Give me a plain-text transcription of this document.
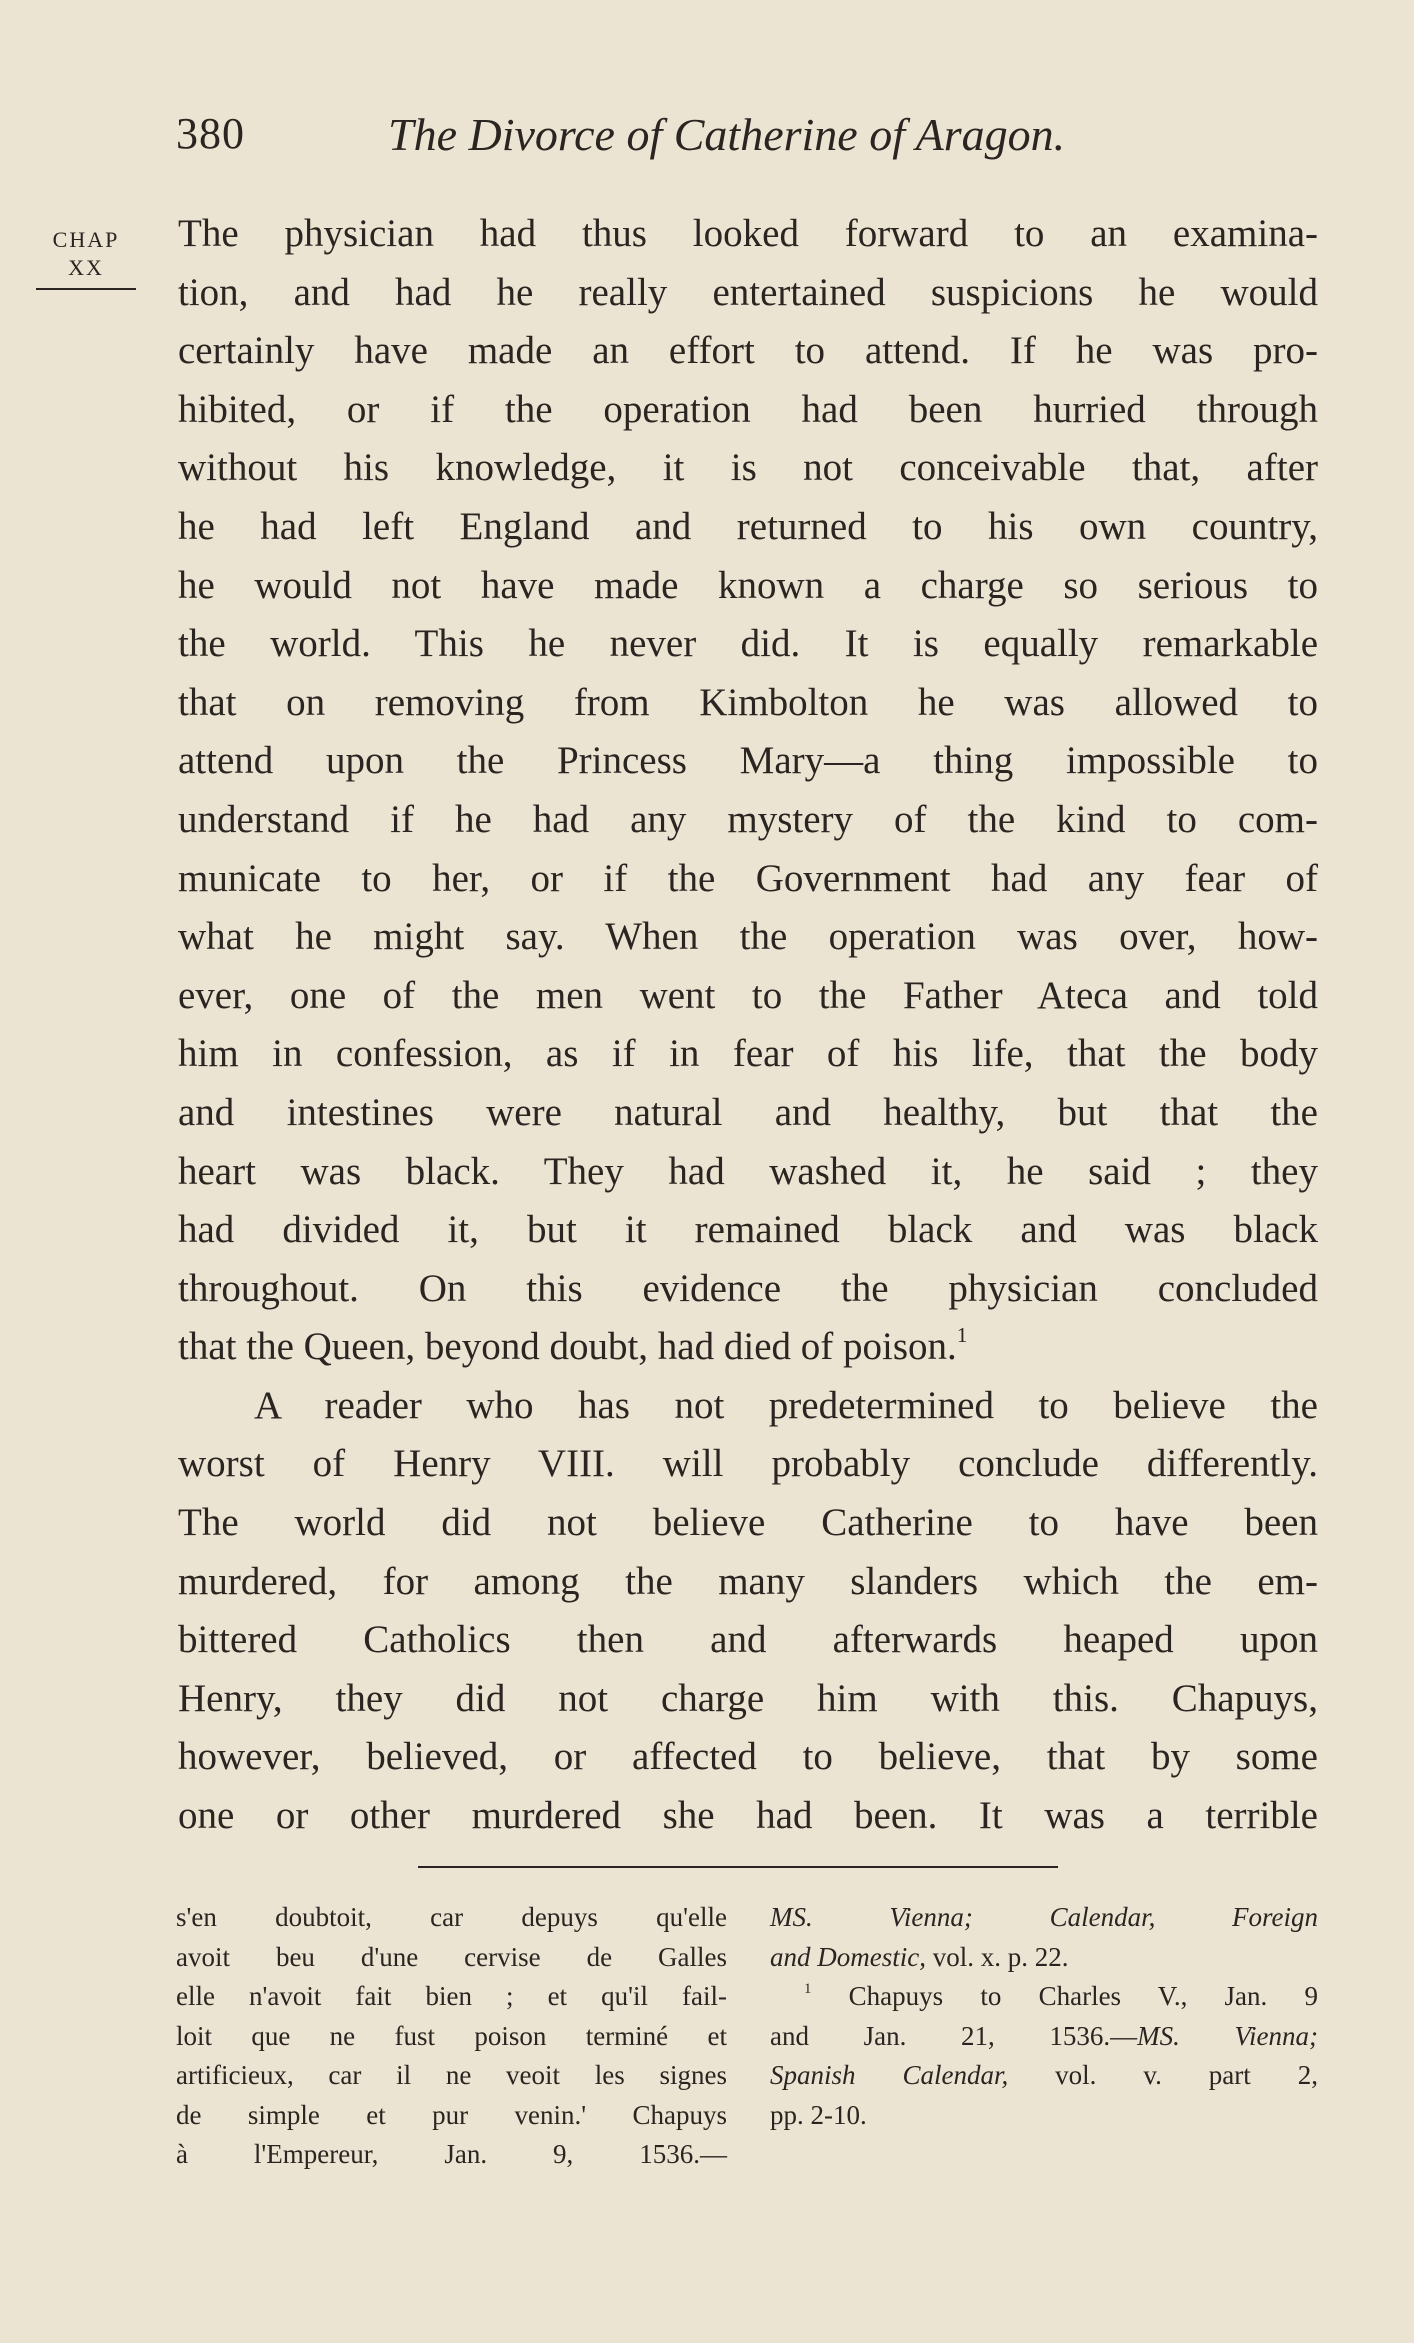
380	The Divorce of Catherine of Aragon.
CHAP
XX
The physician had thus looked forward to an examina-
tion, and had he really entertained suspicions he would
certainly have made an effort to attend. If he was pro-
hibited, or if the operation had been hurried through
without his knowledge, it is not conceivable that, after
he had left England and returned to his own country,
he would not have made known a charge so serious to
the world. This he never did. It is equally remarkable
that on removing from Kimbolton he was allowed to
attend upon the Princess Mary—a thing impossible to
understand if he had any mystery of the kind to com-
municate to her, or if the Government had any fear of
what he might say. When the operation was over, how-
ever, one of the men went to the Father Ateca and told
him in confession, as if in fear of his life, that the body
and intestines were natural and healthy, but that the
heart was black. They had washed it, he said ; they
had divided it, but it remained black and was black
throughout. On this evidence the physician concluded
that the Queen, beyond doubt, had died of poison.$^1$
A reader who has not predetermined to believe the
worst of Henry VIII. will probably conclude differently.
The world did not believe Catherine to have been
murdered, for among the many slanders which the em-
bittered Catholics then and afterwards heaped upon
Henry, they did not charge him with this. Chapuys,
however, believed, or affected to believe, that by some
one or other murdered she had been. It was a terrible
s'en doubtoit, car depuys qu'elle
avoit beu d'une cervise de Galles
elle n'avoit fait bien ; et qu'il fail-
loit que ne fust poison terminé et
artificieux, car il ne veoit les signes
de simple et pur venin.' Chapuys
à l'Empereur, Jan. 9, 1536.—
MS. Vienna; Calendar, Foreign
and Domestic, vol. x. p. 22.
$^1$ Chapuys to Charles V., Jan. 9
and Jan. 21, 1536.—MS. Vienna;
Spanish Calendar, vol. v. part 2,
pp. 2-10.
